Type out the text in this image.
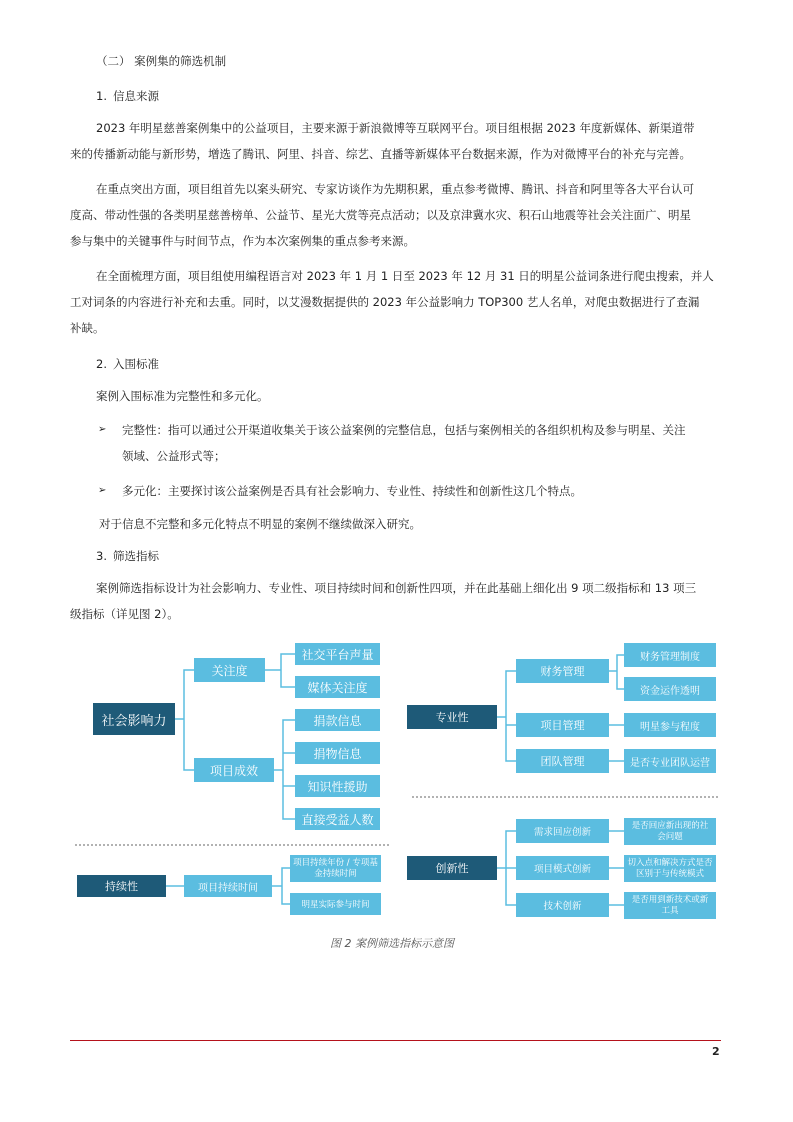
（二） 案例集的筛选机制
1. 信息来源
2023 年明星慈善案例集中的公益项目，主要来源于新浪微博等互联网平台。项目组根据 2023 年度新媒体、新渠道带
来的传播新动能与新形势，增选了腾讯、阿里、抖音、综艺、直播等新媒体平台数据来源，作为对微博平台的补充与完善。
在重点突出方面，项目组首先以案头研究、专家访谈作为先期积累，重点参考微博、腾讯、抖音和阿里等各大平台认可
度高、带动性强的各类明星慈善榜单、公益节、星光大赏等亮点活动；以及京津冀水灾、积石山地震等社会关注面广、明星
参与集中的关键事件与时间节点，作为本次案例集的重点参考来源。
在全面梳理方面，项目组使用编程语言对 2023 年 1 月 1 日至 2023 年 12 月 31 日的明星公益词条进行爬虫搜索，并人
工对词条的内容进行补充和去重。同时，以艾漫数据提供的 2023 年公益影响力 TOP300 艺人名单，对爬虫数据进行了查漏
补缺。
2. 入围标准
案例入围标准为完整性和多元化。
➢ 完整性：指可以通过公开渠道收集关于该公益案例的完整信息，包括与案例相关的各组织机构及参与明星、关注
领域、公益形式等；
➢ 多元化：主要探讨该公益案例是否具有社会影响力、专业性、持续性和创新性这几个特点。
对于信息不完整和多元化特点不明显的案例不继续做深入研究。
3. 筛选指标
案例筛选指标设计为社会影响力、专业性、项目持续时间和创新性四项，并在此基础上细化出 9 项二级指标和 13 项三
级指标（详见图 2）。
社会影响力
关注度
项目成效
社交平台声量
媒体关注度
捐款信息
捐物信息
知识性援助
直接受益人数
专业性
财务管理
项目管理
团队管理
财务管理制度
资金运作透明
明星参与程度
是否专业团队运营
持续性	项目持续时间
项目持续年份 / 专项基金持续时间
明星实际参与时间
创新性
需求回应创新
项目模式创新
技术创新
是否回应新出现的社会问题
切入点和解决方式是否区别于与传统模式
是否用到新技术或新工具
图 2 案例筛选指标示意图
2
